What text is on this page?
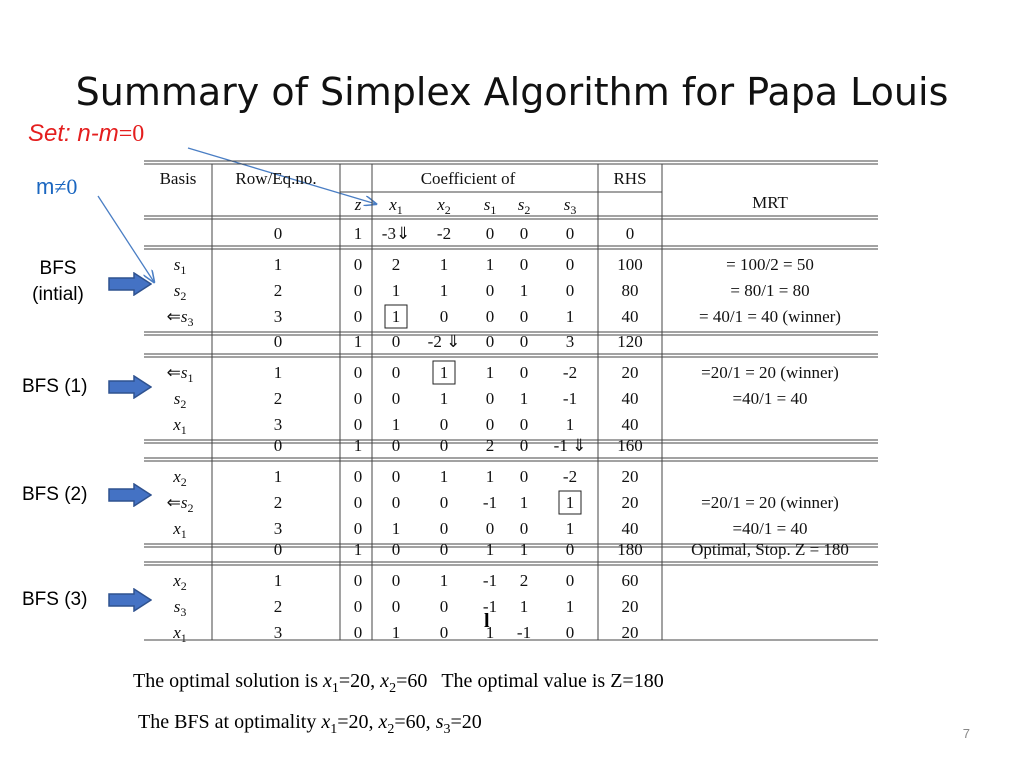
Summary of Simplex Algorithm for Papa Louis
Set: n-m=0
m≠0
BFS
(intial)
BFS (1)
BFS (2)
BFS (3)
Basis Row/Eq.no.	Coefficient of	RHS
MRT
z $x_1$ $x_2$ $s_1$ $s_2$ $s_3$
0	1 -3⇓ -2 0 0 0	0
$s_1$	1	0 2 1 1 0 0	100	= 100/2 = 50
$s_2$	2	0 1 1 0 1 0	80	= 80/1 = 80
$⇐s_3$	3	0 1 0 0 0 1	40	= 40/1 = 40 (winner)
0	1 0 -2 ⇓ 0 0 3	120
$⇐s_1$	1	0 0 1 1 0 -2	20	=20/1 = 20 (winner)
$s_2$	2	0 0 1 0 1 -1	40	=40/1 = 40
$x_1$	3	0 1 0 0 0 1	40
0	1 0 0 2 0 -1 ⇓ 160
$x_2$	1	0 0 1 1 0 -2	20
$⇐s_2$	2	0 0 0 -1 1 1	20	=20/1 = 20 (winner)
$x_1$	3	0 1 0 0 0 1	40	=40/1 = 40
0	1 0 0 1 1 0	180	Optimal, Stop. Z = 180
$x_2$	1	0 0 1 -1 2 0	60
$s_3$	2	0 0 0 -1 1 1	20
$x_1$	3	0 1 0 1 -1 0	20
l
The optimal solution is $x_1=20$, $x_2=60$ The optimal value is Z=180
The BFS at optimality $x_1=20$, $x_2=60$, $s_3=20$
7
